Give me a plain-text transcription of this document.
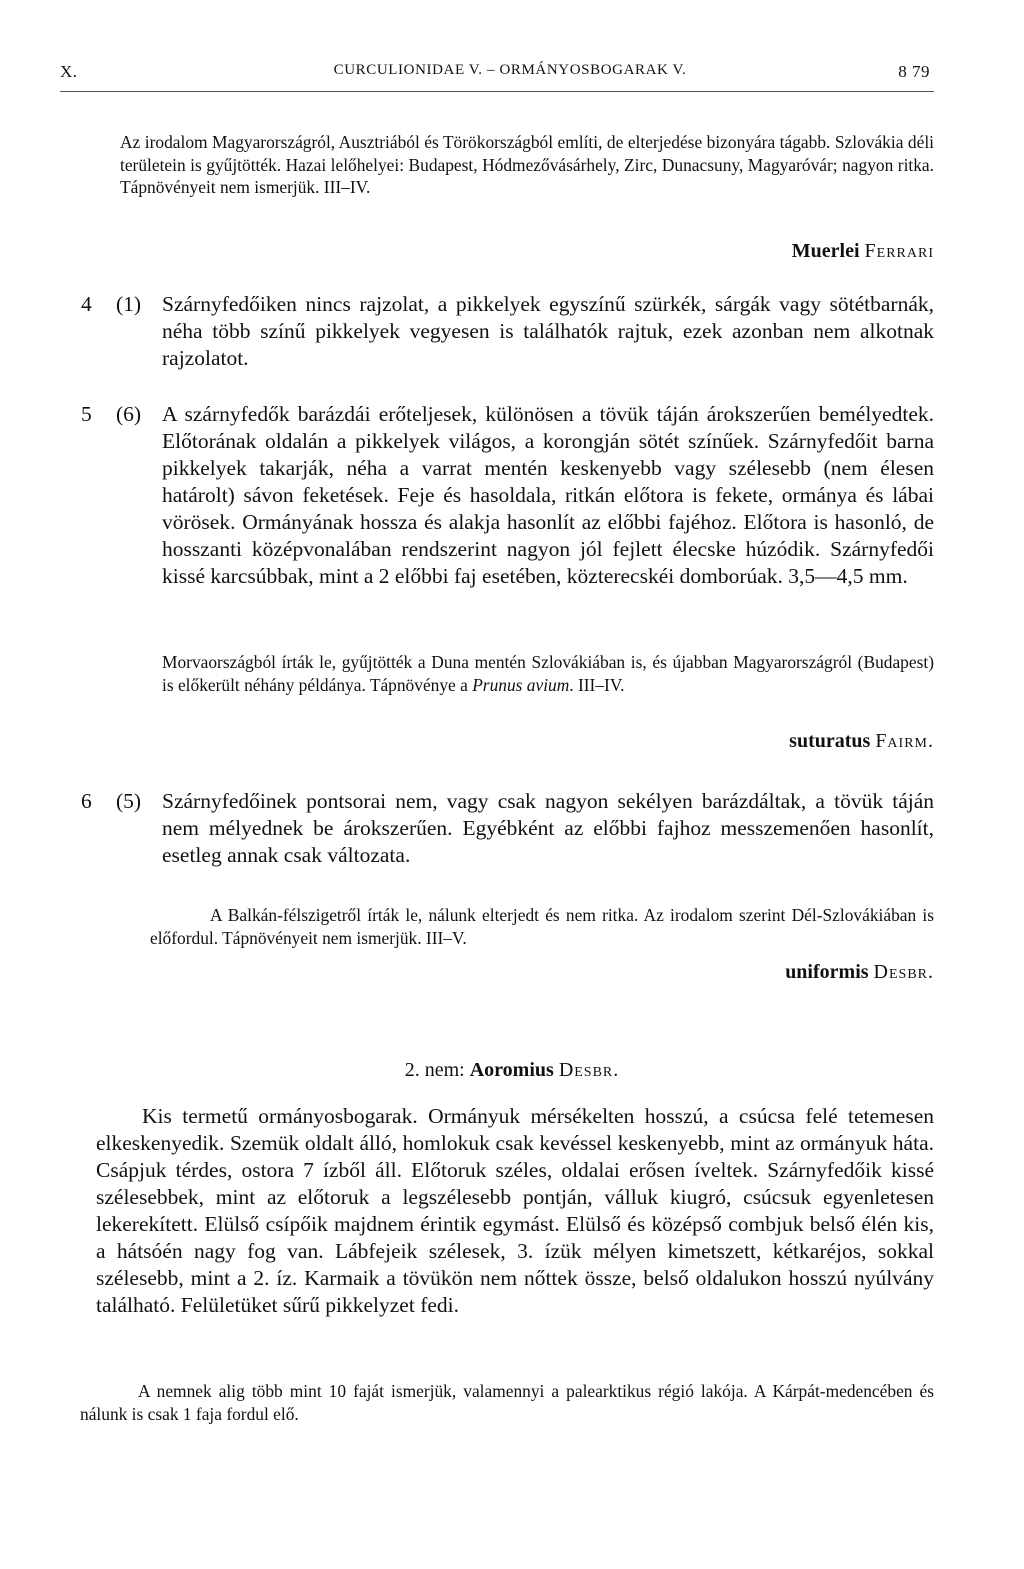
X.	CURCULIONIDAE V. – ORMÁNYOSBOGARAK V.	8 79

Az irodalom Magyarországról, Ausztriából és Törökországból említi, de elterjedése bizonyára tágabb. Szlovákia déli területein is gyűjtötték. Hazai lelőhelyei: Budapest, Hódmezővásárhely, Zirc, Dunacsuny, Magyaróvár; nagyon ritka. Tápnövényeit nem ismerjük. III–IV.

Muerlei Ferrari
4 (1) Szárnyfedőiken nincs rajzolat, a pikkelyek egyszínű szürkék, sárgák vagy sötétbarnák, néha több színű pikkelyek vegyesen is találhatók rajtuk, ezek azonban nem alkotnak rajzolatot.

5 (6) A szárnyfedők barázdái erőteljesek, különösen a tövük táján árokszerűen bemélyedtek. Előtorának oldalán a pikkelyek világos, a korongján sötét színűek. Szárnyfedőit barna pikkelyek takarják, néha a varrat mentén keskenyebb vagy szélesebb (nem élesen határolt) sávon feketések. Feje és hasoldala, ritkán előtora is fekete, ormánya és lábai vörösek. Ormányának hossza és alakja hasonlít az előbbi fajéhoz. Előtora is hasonló, de hosszanti középvonalában rendszerint nagyon jól fejlett élecske húzódik. Szárnyfedői kissé karcsúbbak, mint a 2 előbbi faj esetében, közterecskéi domborúak. 3,5—4,5 mm.

Morvaországból írták le, gyűjtötték a Duna mentén Szlovákiában is, és újabban Magyarországról (Budapest) is előkerült néhány példánya. Tápnövénye a Prunus avium. III–IV.

suturatus Fairm.
6 (5) Szárnyfedőinek pontsorai nem, vagy csak nagyon sekélyen barázdáltak, a tövük táján nem mélyednek be árokszerűen. Egyébként az előbbi fajhoz messzemenően hasonlít, esetleg annak csak változata.

A Balkán-félszigetről írták le, nálunk elterjedt és nem ritka. Az irodalom szerint Dél-Szlovákiában is előfordul. Tápnövényeit nem ismerjük. III–V.

uniformis Desbr.
2. nem: Aoromius Desbr.

Kis termetű ormányosbogarak. Ormányuk mérsékelten hosszú, a csúcsa felé tetemesen elkeskenyedik. Szemük oldalt álló, homlokuk csak kevéssel keskenyebb, mint az ormányuk háta. Csápjuk térdes, ostora 7 ízből áll. Előtoruk széles, oldalai erősen íveltek. Szárnyfedőik kissé szélesebbek, mint az előtoruk a legszélesebb pontján, válluk kiugró, csúcsuk egyenletesen lekerekített. Elülső csípőik majdnem érintik egymást. Elülső és középső combjuk belső élén kis, a hátsóén nagy fog van. Lábfejeik szélesek, 3. ízük mélyen kimetszett, kétkaréjos, sokkal szélesebb, mint a 2. íz. Karmaik a tövükön nem nőttek össze, belső oldalukon hosszú nyúlvány található. Felületüket sűrű pikkelyzet fedi.

A nemnek alig több mint 10 faját ismerjük, valamennyi a palearktikus régió lakója. A Kárpát-medencében és nálunk is csak 1 faja fordul elő.
